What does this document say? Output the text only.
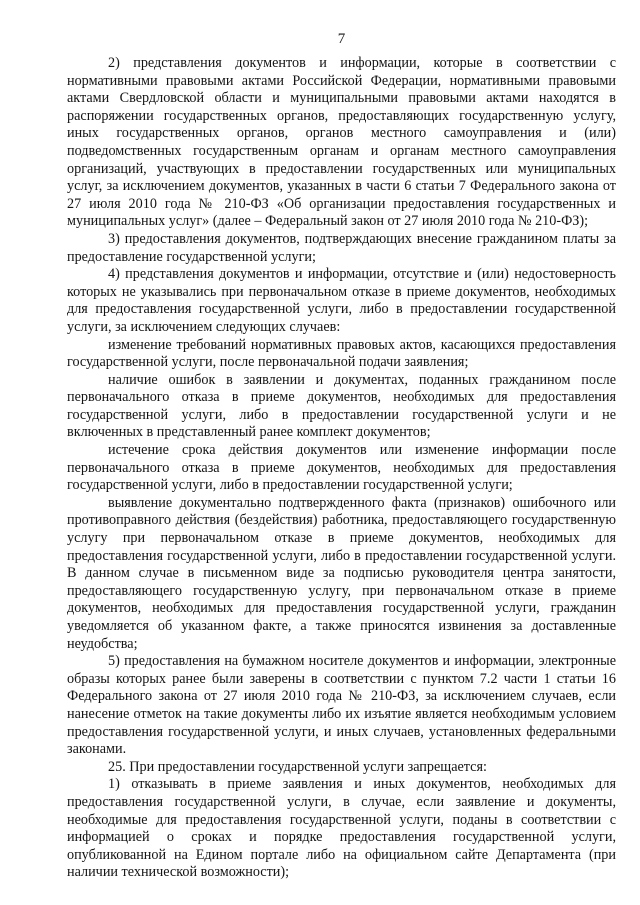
7

2) представления документов и информации, которые в соответствии с нормативными правовыми актами Российской Федерации, нормативными правовыми актами Свердловской области и муниципальными правовыми актами находятся в распоряжении государственных органов, предоставляющих государственную услугу, иных государственных органов, органов местного самоуправления и (или) подведомственных государственным органам и органам местного самоуправления организаций, участвующих в предоставлении государственных или муниципальных услуг, за исключением документов, указанных в части 6 статьи 7 Федерального закона от 27 июля 2010 года № 210-ФЗ «Об организации предоставления государственных и муниципальных услуг» (далее – Федеральный закон от 27 июля 2010 года № 210-ФЗ);

3) предоставления документов, подтверждающих внесение гражданином платы за предоставление государственной услуги;

4) представления документов и информации, отсутствие и (или) недостоверность которых не указывались при первоначальном отказе в приеме документов, необходимых для предоставления государственной услуги, либо в предоставлении государственной услуги, за исключением следующих случаев:

изменение требований нормативных правовых актов, касающихся предоставления государственной услуги, после первоначальной подачи заявления;

наличие ошибок в заявлении и документах, поданных гражданином после первоначального отказа в приеме документов, необходимых для предоставления государственной услуги, либо в предоставлении государственной услуги и не включенных в представленный ранее комплект документов;

истечение срока действия документов или изменение информации после первоначального отказа в приеме документов, необходимых для предоставления государственной услуги, либо в предоставлении государственной услуги;

выявление документально подтвержденного факта (признаков) ошибочного или противоправного действия (бездействия) работника, предоставляющего государственную услугу при первоначальном отказе в приеме документов, необходимых для предоставления государственной услуги, либо в предоставлении государственной услуги. В данном случае в письменном виде за подписью руководителя центра занятости, предоставляющего государственную услугу, при первоначальном отказе в приеме документов, необходимых для предоставления государственной услуги, гражданин уведомляется об указанном факте, а также приносятся извинения за доставленные неудобства;

5) предоставления на бумажном носителе документов и информации, электронные образы которых ранее были заверены в соответствии с пунктом 7.2 части 1 статьи 16 Федерального закона от 27 июля 2010 года № 210-ФЗ, за исключением случаев, если нанесение отметок на такие документы либо их изъятие является необходимым условием предоставления государственной услуги, и иных случаев, установленных федеральными законами.

25. При предоставлении государственной услуги запрещается:

1) отказывать в приеме заявления и иных документов, необходимых для предоставления государственной услуги, в случае, если заявление и документы, необходимые для предоставления государственной услуги, поданы в соответствии с информацией о сроках и порядке предоставления государственной услуги, опубликованной на Едином портале либо на официальном сайте Департамента (при наличии технической возможности);
